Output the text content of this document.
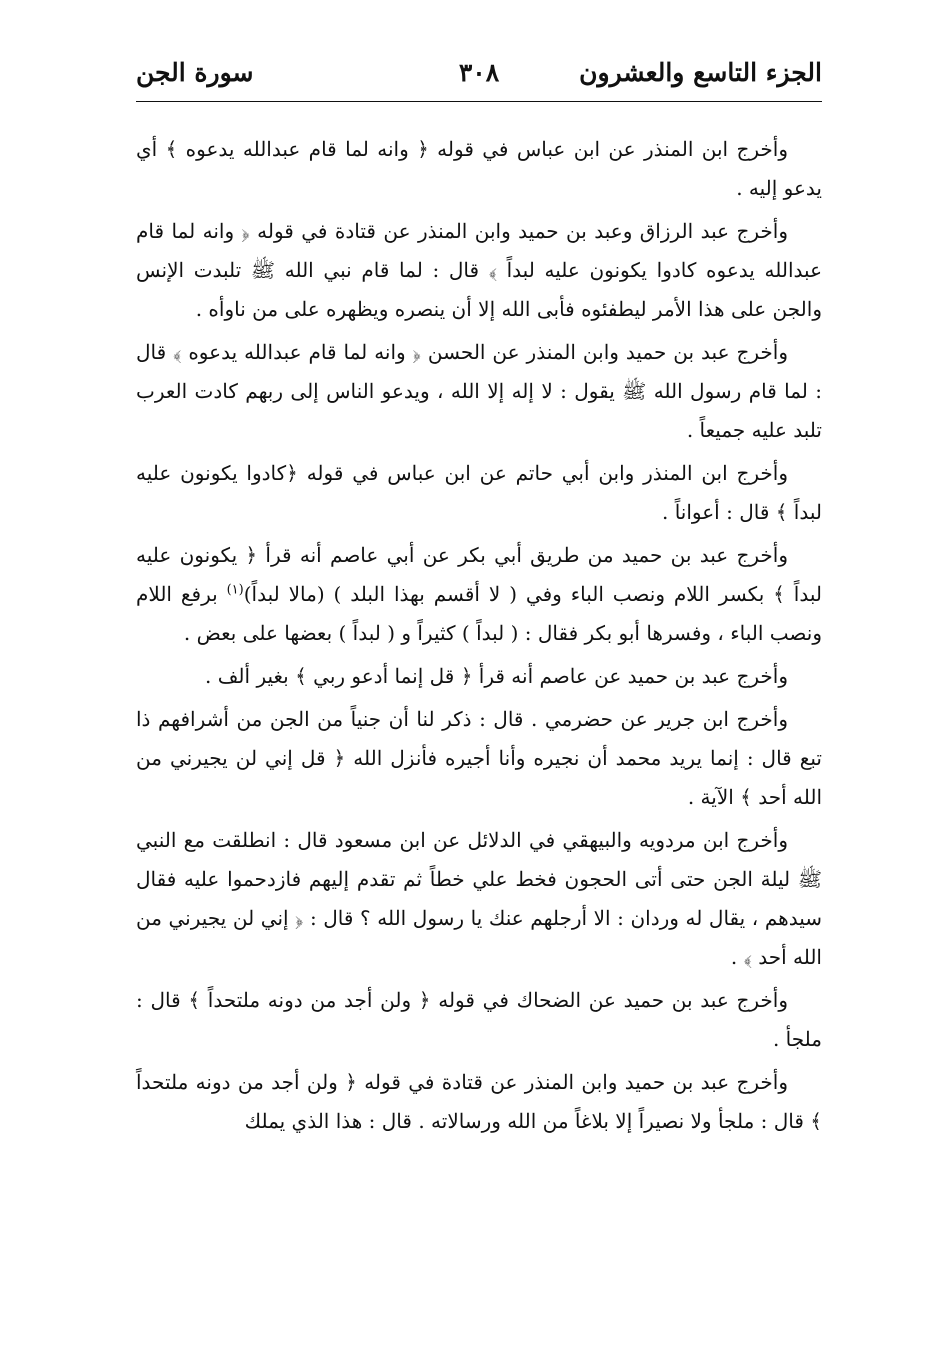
الجزء التاسع والعشرون
٣٠٨
سورة الجن

وأخرج ابن المنذر عن ابن عباس في قوله ﴿ وانه لما قام عبدالله يدعوه ﴾ أي يدعو إليه .

وأخرج عبد الرزاق وعبد بن حميد وابن المنذر عن قتادة في قوله ﴿ وانه لما قام عبدالله يدعوه كادوا يكونون عليه لبداً ﴾ قال : لما قام نبي الله ﷺ تلبدت الإنس والجن على هذا الأمر ليطفئوه فأبى الله إلا أن ينصره ويظهره على من ناوأه .

وأخرج عبد بن حميد وابن المنذر عن الحسن ﴿ وانه لما قام عبدالله يدعوه ﴾ قال : لما قام رسول الله ﷺ يقول : لا إله إلا الله ، ويدعو الناس إلى ربهم كادت العرب تلبد عليه جميعاً .

وأخرج ابن المنذر وابن أبي حاتم عن ابن عباس في قوله ﴿كادوا يكونون عليه لبداً ﴾ قال : أعواناً .

وأخرج عبد بن حميد من طريق أبي بكر عن أبي عاصم أنه قرأ ﴿ يكونون عليه لبداً ﴾ بكسر اللام ونصب الباء وفي ( لا أقسم بهذا البلد ) (مالا لبداً)$^{(١)}$ برفع اللام ونصب الباء ، وفسرها أبو بكر فقال : ( لبداً ) كثيراً و ( لبداً ) بعضها على بعض .

وأخرج عبد بن حميد عن عاصم أنه قرأ ﴿ قل إنما أدعو ربي ﴾ بغير ألف .

وأخرج ابن جرير عن حضرمي . قال : ذكر لنا أن جنياً من الجن من أشرافهم ذا تبع قال : إنما يريد محمد أن نجيره وأنا أجيره فأنزل الله ﴿ قل إني لن يجيرني من الله أحد ﴾ الآية .

وأخرج ابن مردويه والبيهقي في الدلائل عن ابن مسعود قال : انطلقت مع النبي ﷺ ليلة الجن حتى أتى الحجون فخط علي خطاً ثم تقدم إليهم فازدحموا عليه فقال سيدهم ، يقال له وردان : الا أرجلهم عنك يا رسول الله ؟ قال : ﴿ إني لن يجيرني من الله أحد ﴾ .

وأخرج عبد بن حميد عن الضحاك في قوله ﴿ ولن أجد من دونه ملتحداً ﴾ قال : ملجأ .

وأخرج عبد بن حميد وابن المنذر عن قتادة في قوله ﴿ ولن أجد من دونه ملتحداً ﴾ قال : ملجأ ولا نصيراً إلا بلاغاً من الله ورسالاته . قال : هذا الذي يملك
